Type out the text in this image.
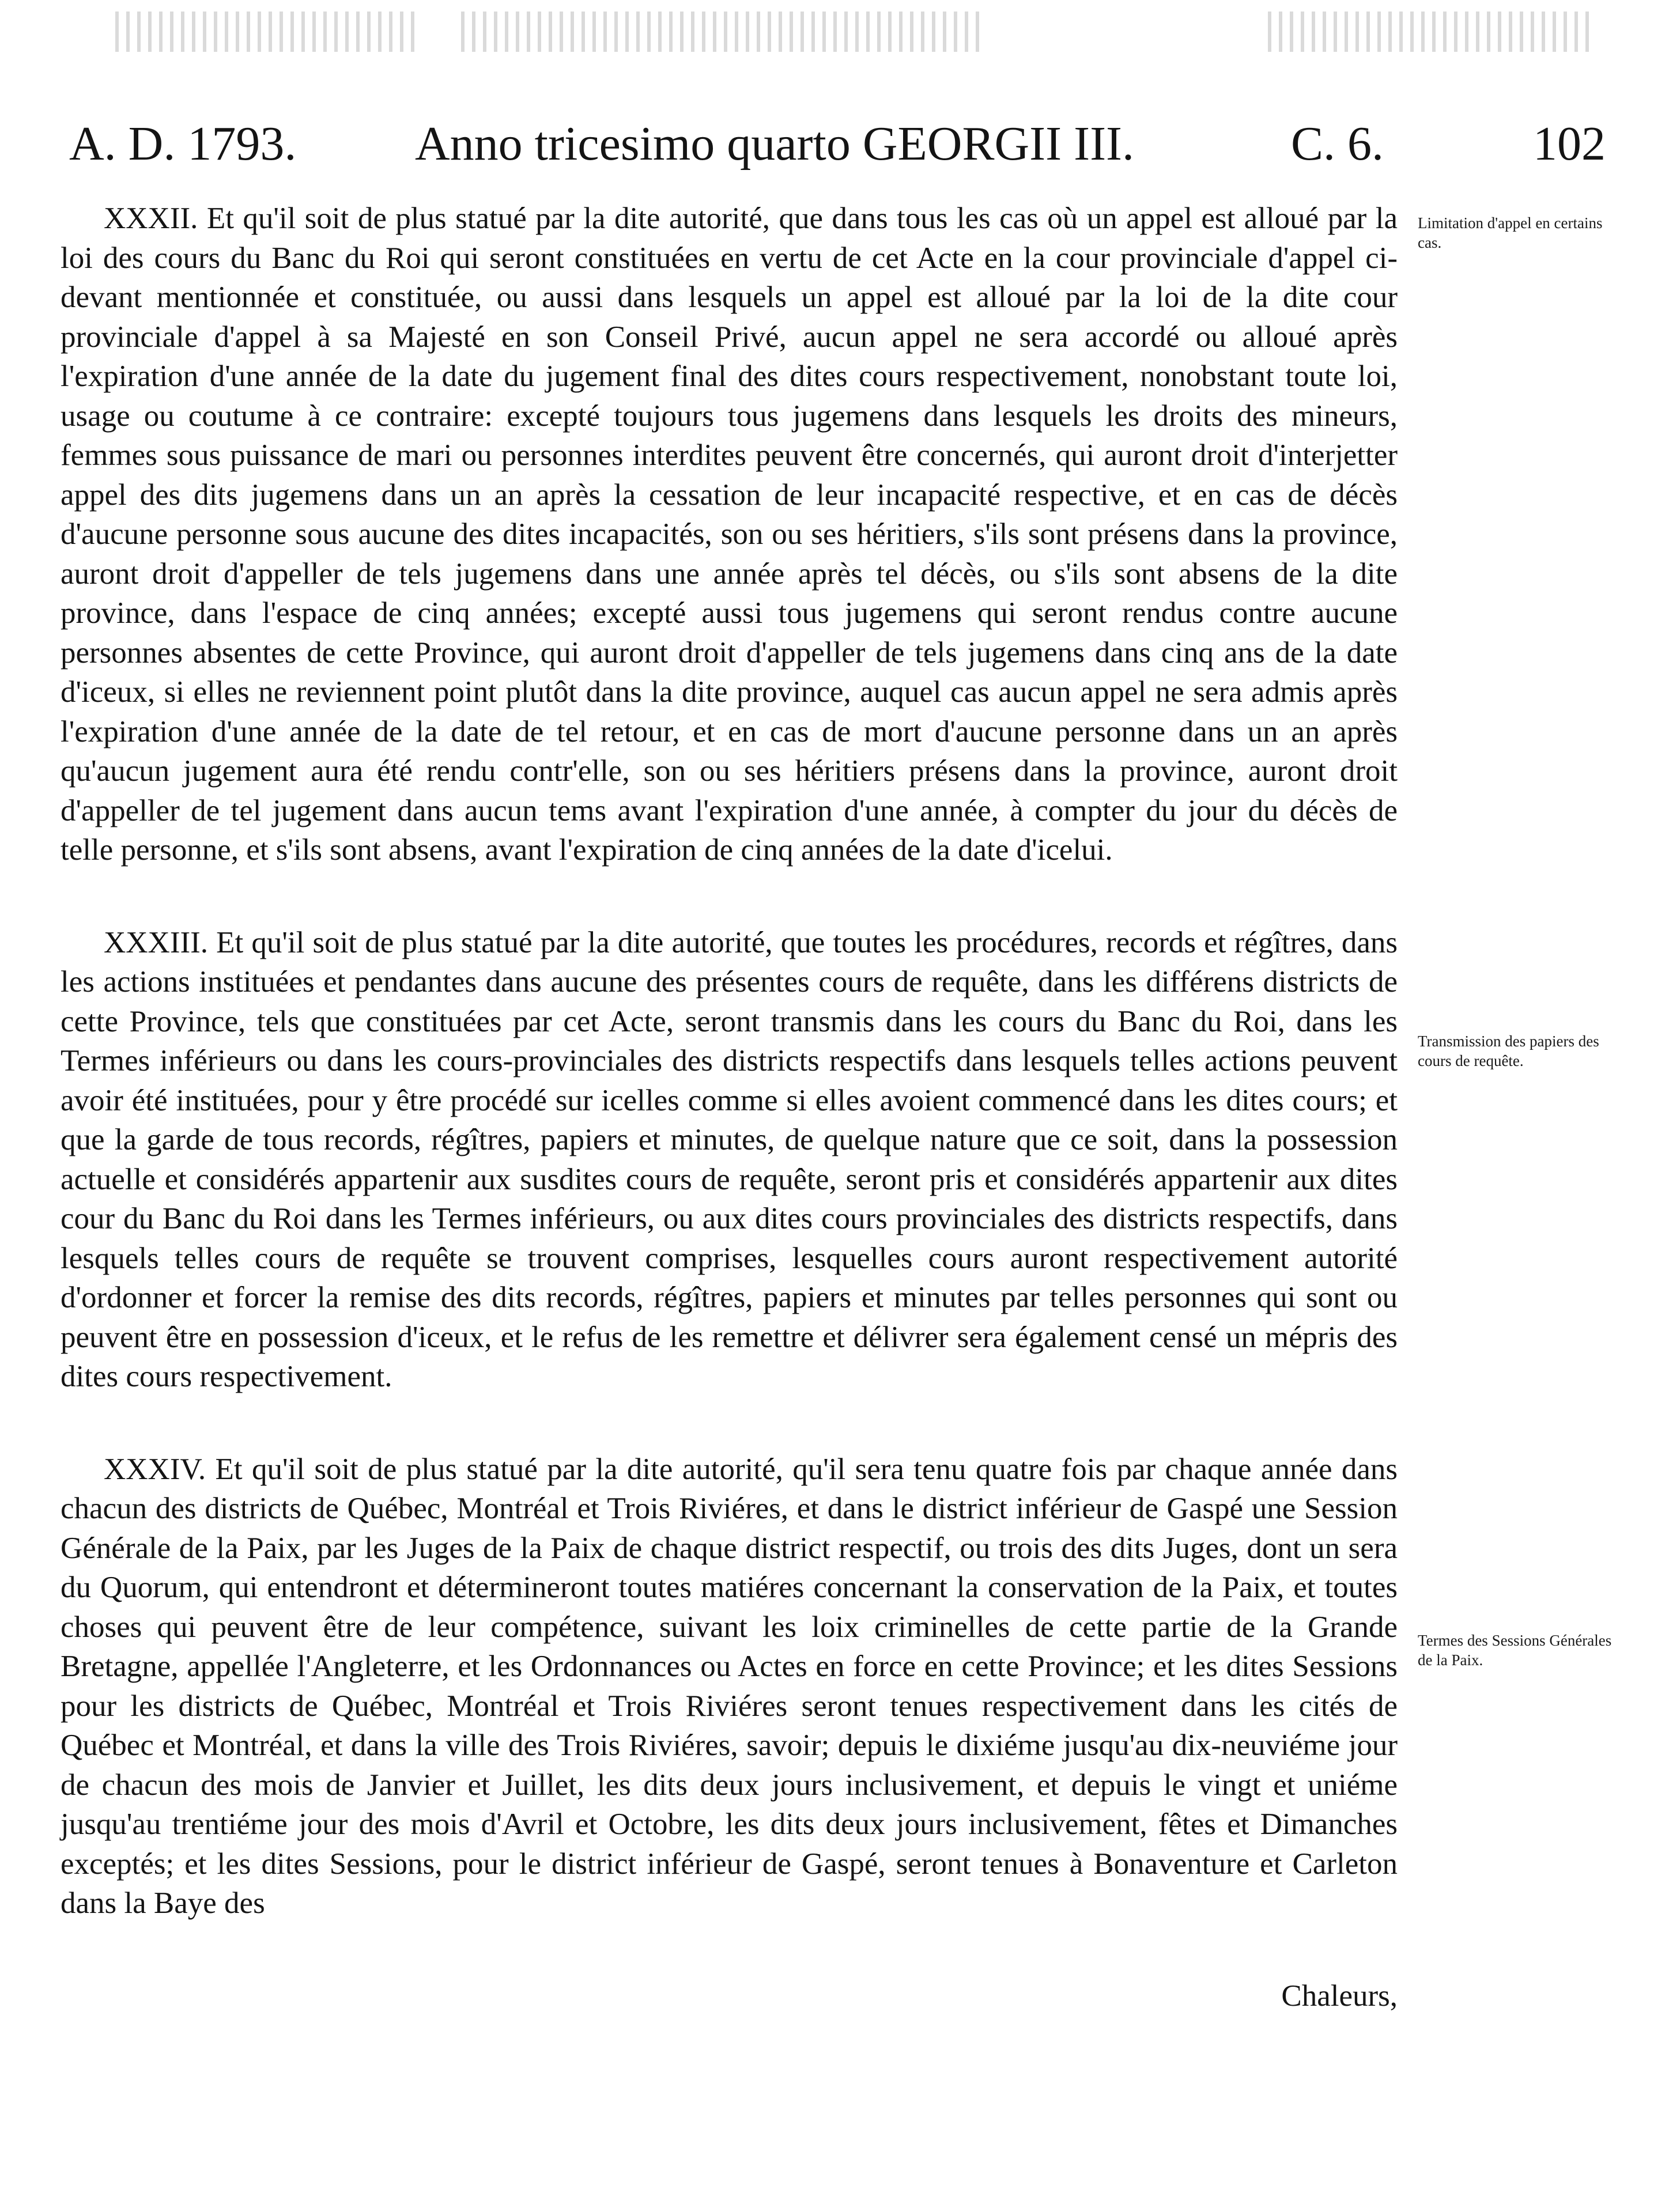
A. D. 1793. Anno tricesimo quarto GEORGII III.	C. 6.	102

XXXII. Et qu'il soit de plus statué par la dite autorité, que dans tous les cas où un appel est alloué par la loi des cours du Banc du Roi qui seront constituées en vertu de cet Acte en la cour provinciale d'appel ci-devant mentionnée et constituée, ou aussi dans lesquels un appel est alloué par la loi de la dite cour provinciale d'appel à sa Majesté en son Conseil Privé, aucun appel ne sera accordé ou alloué après l'expiration d'une année de la date du jugement final des dites cours respectivement, nonobstant toute loi, usage ou coutume à ce contraire: excepté toujours tous jugemens dans lesquels les droits des mineurs, femmes sous puissance de mari ou personnes interdites peuvent être concernés, qui auront droit d'interjetter appel des dits jugemens dans un an après la cessation de leur incapacité respective, et en cas de décès d'aucune personne sous aucune des dites incapacités, son ou ses héritiers, s'ils sont présens dans la province, auront droit d'appeller de tels jugemens dans une année après tel décès, ou s'ils sont absens de la dite province, dans l'espace de cinq années; excepté aussi tous jugemens qui seront rendus contre aucune personnes absentes de cette Province, qui auront droit d'appeller de tels jugemens dans cinq ans de la date d'iceux, si elles ne reviennent point plutôt dans la dite province, auquel cas aucun appel ne sera admis après l'expiration d'une année de la date de tel retour, et en cas de mort d'aucune personne dans un an après qu'aucun jugement aura été rendu contr'elle, son ou ses héritiers présens dans la province, auront droit d'appeller de tel jugement dans aucun tems avant l'expiration d'une année, à compter du jour du décès de telle personne, et s'ils sont absens, avant l'expiration de cinq années de la date d'icelui.

XXXIII. Et qu'il soit de plus statué par la dite autorité, que toutes les procédures, records et régîtres, dans les actions instituées et pendantes dans aucune des présentes cours de requête, dans les différens districts de cette Province, tels que constituées par cet Acte, seront transmis dans les cours du Banc du Roi, dans les Termes inférieurs ou dans les cours-provinciales des districts respectifs dans lesquels telles actions peuvent avoir été instituées, pour y être procédé sur icelles comme si elles avoient commencé dans les dites cours; et que la garde de tous records, régîtres, papiers et minutes, de quelque nature que ce soit, dans la possession actuelle et considérés appartenir aux susdites cours de requête, seront pris et considérés appartenir aux dites cour du Banc du Roi dans les Termes inférieurs, ou aux dites cours provinciales des districts respectifs, dans lesquels telles cours de requête se trouvent comprises, lesquelles cours auront respectivement autorité d'ordonner et forcer la remise des dits records, régîtres, papiers et minutes par telles personnes qui sont ou peuvent être en possession d'iceux, et le refus de les remettre et délivrer sera également censé un mépris des dites cours respectivement.

XXXIV. Et qu'il soit de plus statué par la dite autorité, qu'il sera tenu quatre fois par chaque année dans chacun des districts de Québec, Montréal et Trois Riviéres, et dans le district inférieur de Gaspé une Session Générale de la Paix, par les Juges de la Paix de chaque district respectif, ou trois des dits Juges, dont un sera du Quorum, qui entendront et détermineront toutes matiéres concernant la conservation de la Paix, et toutes choses qui peuvent être de leur compétence, suivant les loix criminelles de cette partie de la Grande Bretagne, appellée l'Angleterre, et les Ordonnances ou Actes en force en cette Province; et les dites Sessions pour les districts de Québec, Montréal et Trois Riviéres seront tenues respectivement dans les cités de Québec et Montréal, et dans la ville des Trois Riviéres, savoir; depuis le dixiéme jusqu'au dix-neuviéme jour de chacun des mois de Janvier et Juillet, les dits deux jours inclusivement, et depuis le vingt et uniéme jusqu'au trentiéme jour des mois d'Avril et Octobre, les dits deux jours inclusivement, fêtes et Dimanches exceptés; et les dites Sessions, pour le district inférieur de Gaspé, seront tenues à Bonaventure et Carleton dans la Baye des

Chaleurs,
Limitation d'appel en certains cas.
Transmission des papiers des cours de requête.
Termes des Sessions Générales de la Paix.
